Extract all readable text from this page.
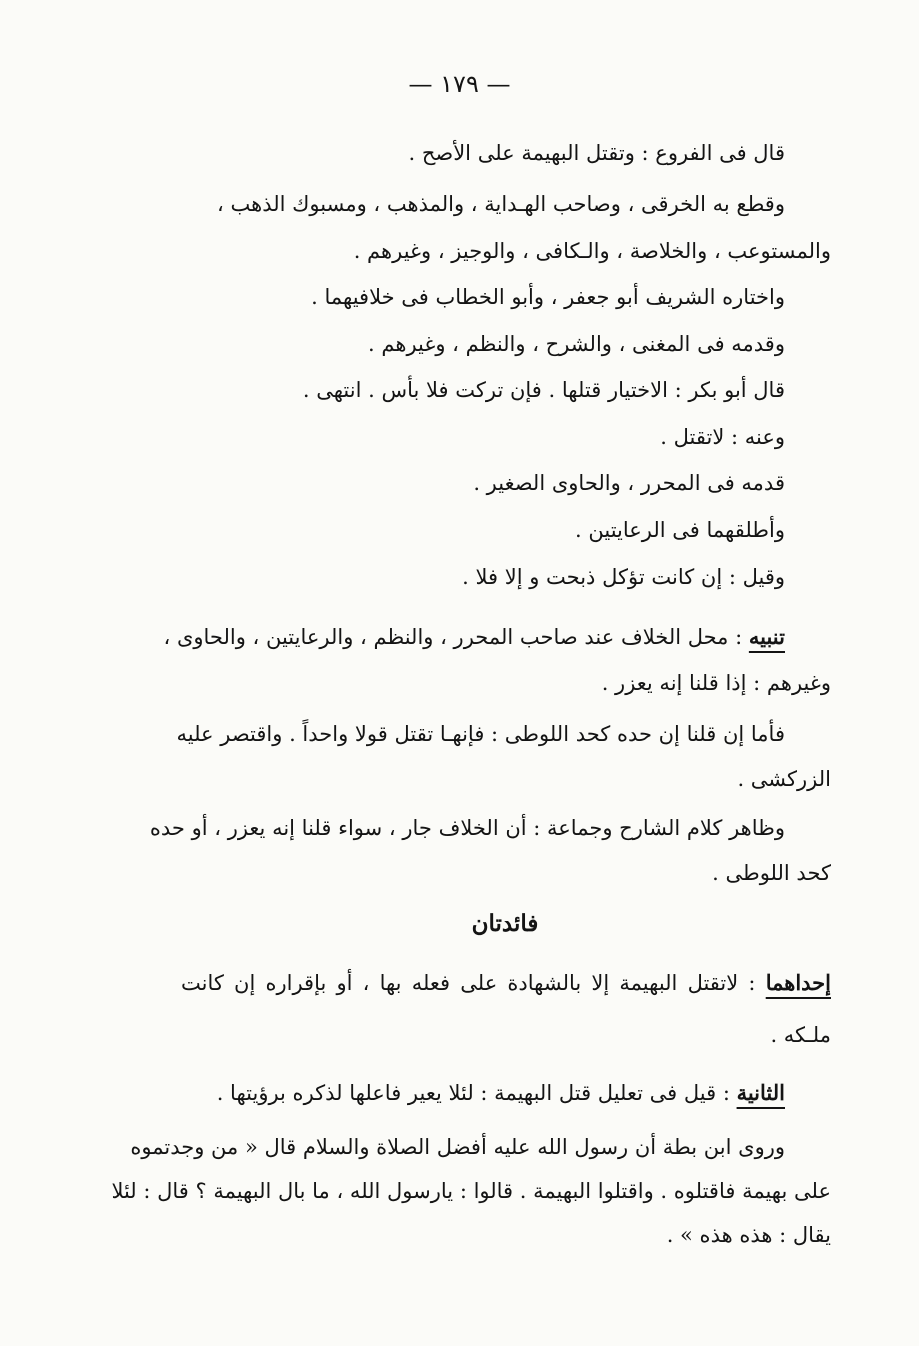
— ١٧٩ —
قال فى الفروع : وتقتل البهيمة على الأصح .
وقطع به الخرقى ، وصاحب الهـداية ، والمذهب ، ومسبوك الذهب ،
والمستوعب ، والخلاصة ، والـكافى ، والوجيز ، وغيرهم .
واختاره الشريف أبو جعفر ، وأبو الخطاب فى خلافيهما .
وقدمه فى المغنى ، والشرح ، والنظم ، وغيرهم .
قال أبو بكر : الاختيار قتلها . فإن تركت فلا بأس . انتهى .
وعنه : لاتقتل .
قدمه فى المحرر ، والحاوى الصغير .
وأطلقهما فى الرعايتين .
وقيل : إن كانت تؤكل ذبحت و إلا فلا .
تنبيه : محل الخلاف عند صاحب المحرر ، والنظم ، والرعايتين ، والحاوى ،
وغيرهم : إذا قلنا إنه يعزر .
فأما إن قلنا إن حده كحد اللوطى : فإنهـا تقتل قولا واحداً . واقتصر عليه
الزركشى .
وظاهر كلام الشارح وجماعة : أن الخلاف جار ، سواء قلنا إنه يعزر ، أو حده
كحد اللوطى .
فائدتان
إحداهما : لاتقتل البهيمة إلا بالشهادة على فعله بها ، أو بإقراره إن كانت
ملـكه .
الثانية : قيل فى تعليل قتل البهيمة : لئلا يعير فاعلها لذكره برؤيتها .
وروى ابن بطة أن رسول الله عليه أفضل الصلاة والسلام قال « من وجدتموه
على بهيمة فاقتلوه . واقتلوا البهيمة . قالوا : يارسول الله ، ما بال البهيمة ؟ قال : لئلا
يقال : هذه هذه » .
